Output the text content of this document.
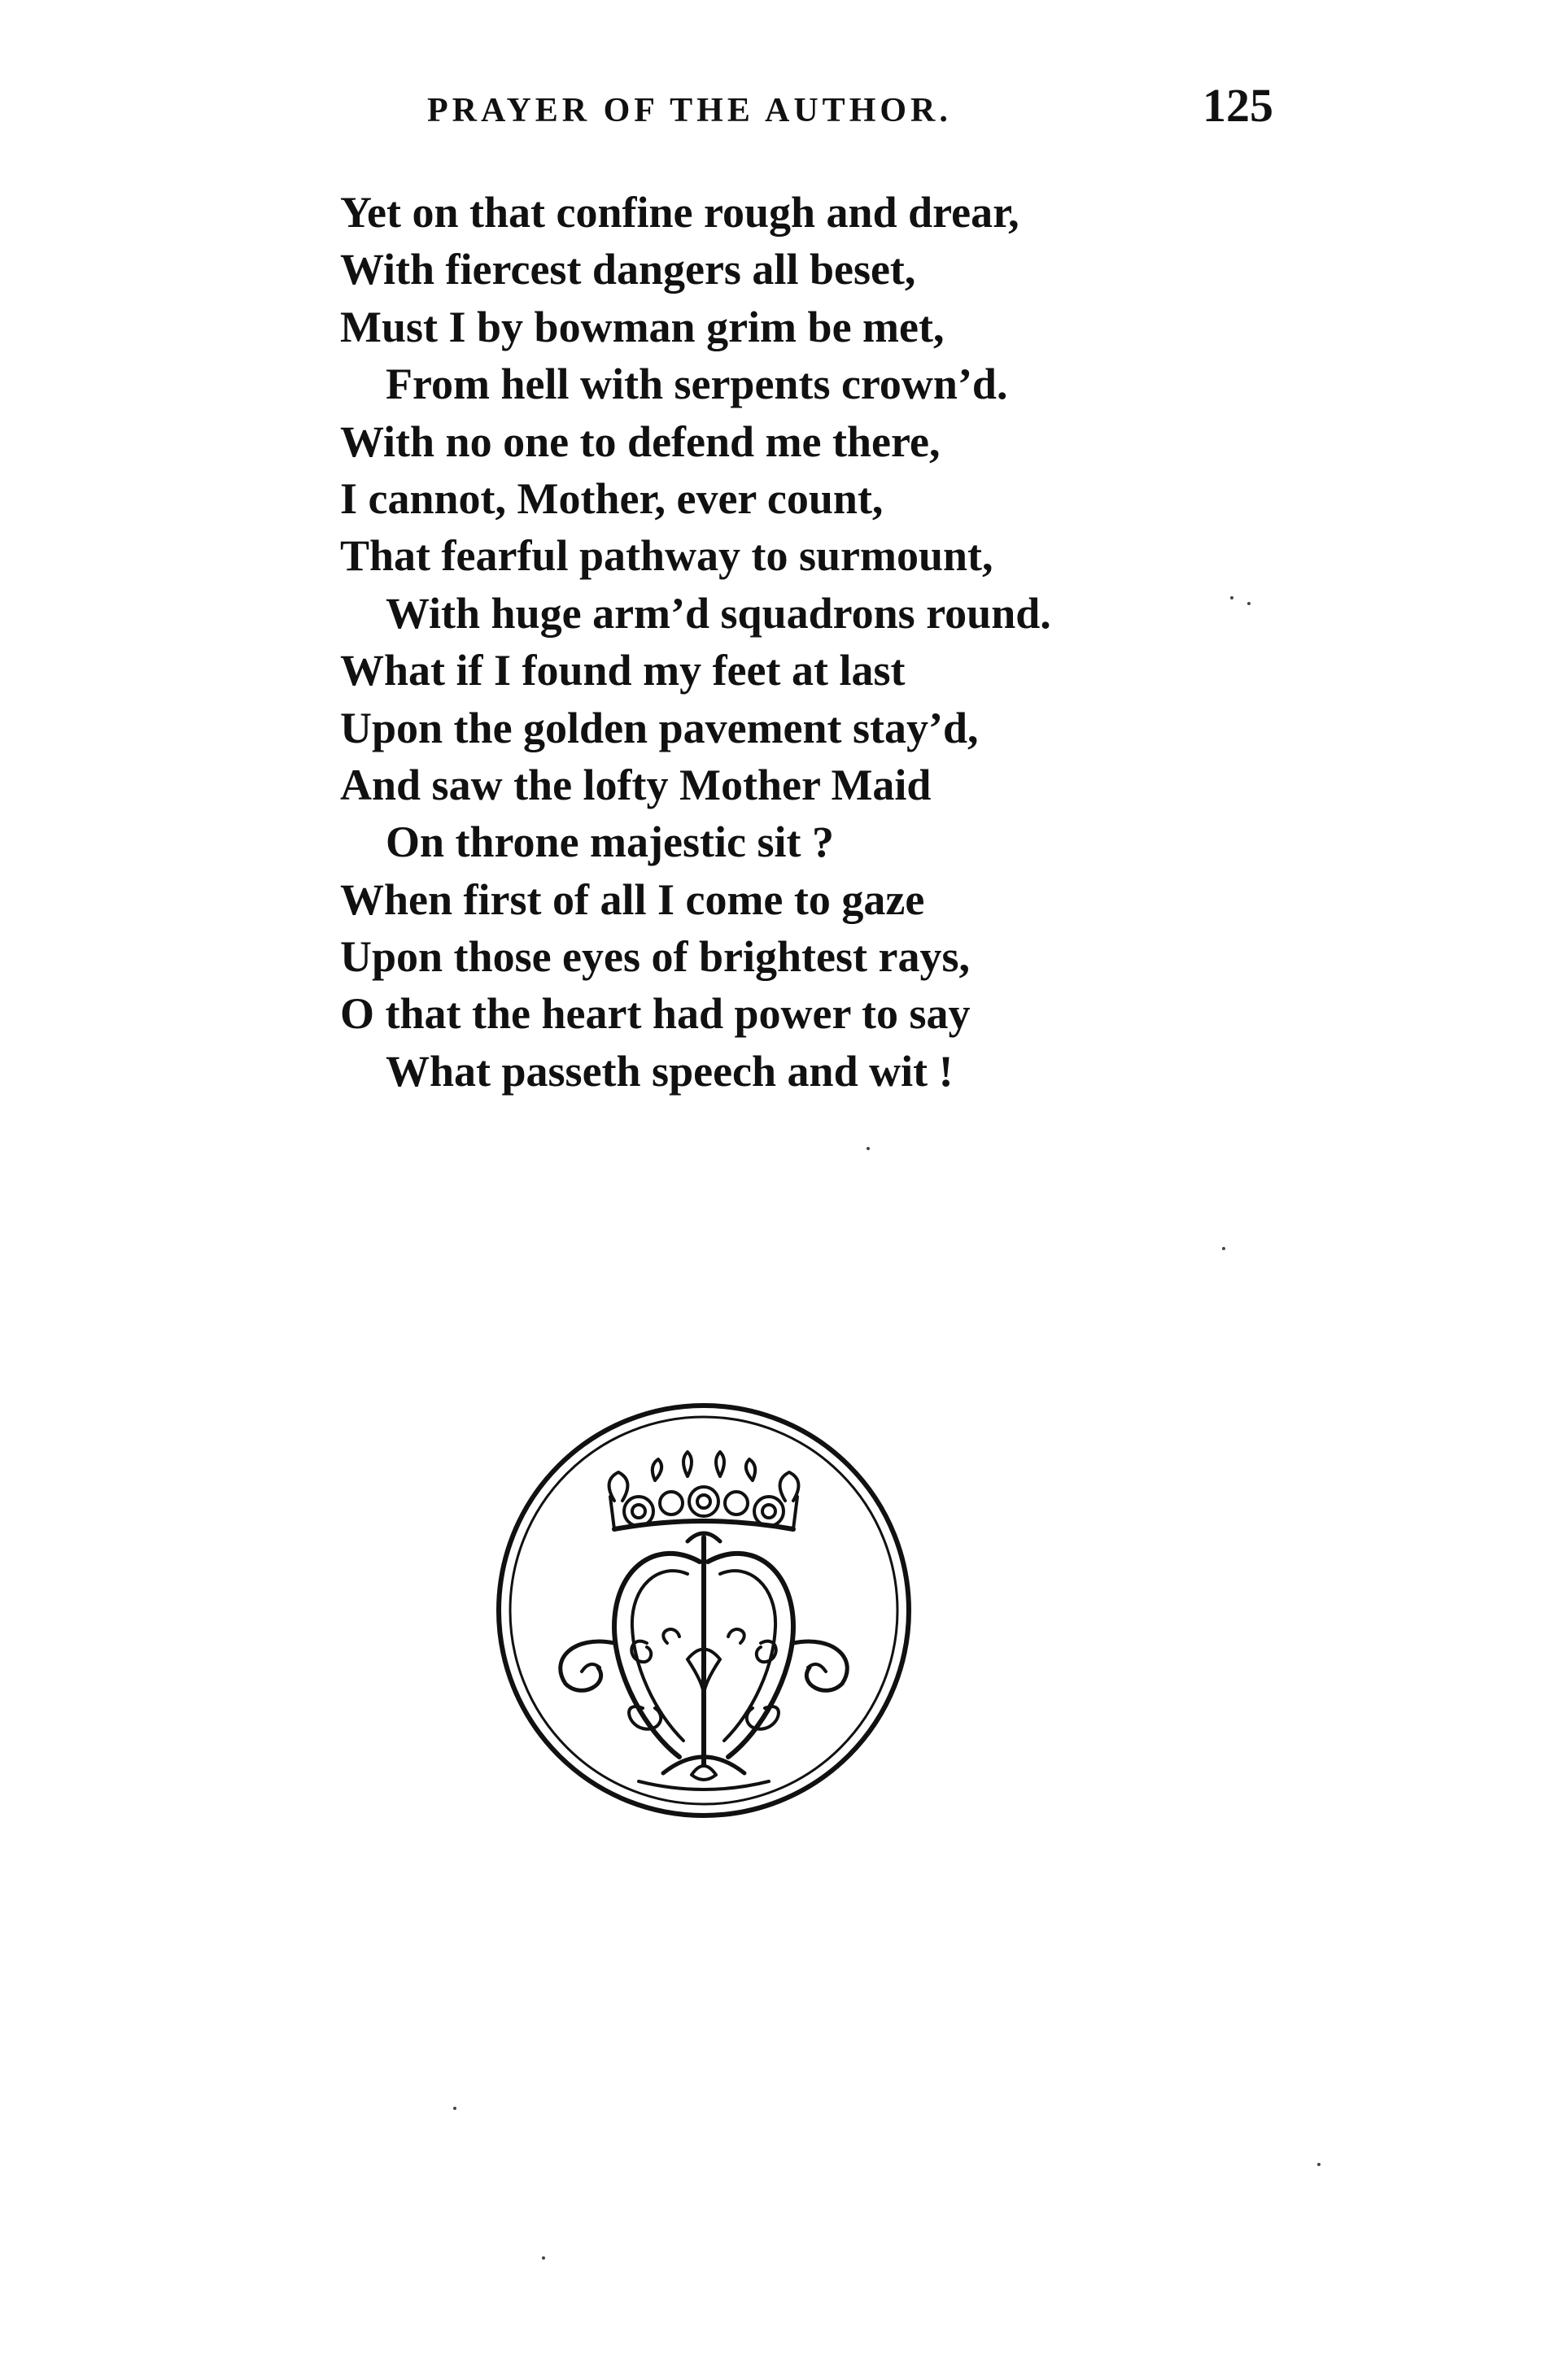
PRAYER OF THE AUTHOR.	125
Yet on that confine rough and drear,
With fiercest dangers all beset,
Must I by bowman grim be met,
From hell with serpents crown’d.
With no one to defend me there,
I cannot, Mother, ever count,
That fearful pathway to surmount,
With huge arm’d squadrons round.
What if I found my feet at last
Upon the golden pavement stay’d,
And saw the lofty Mother Maid
On throne majestic sit ?
When first of all I come to gaze
Upon those eyes of brightest rays,
O that the heart had power to say
What passeth speech and wit !
